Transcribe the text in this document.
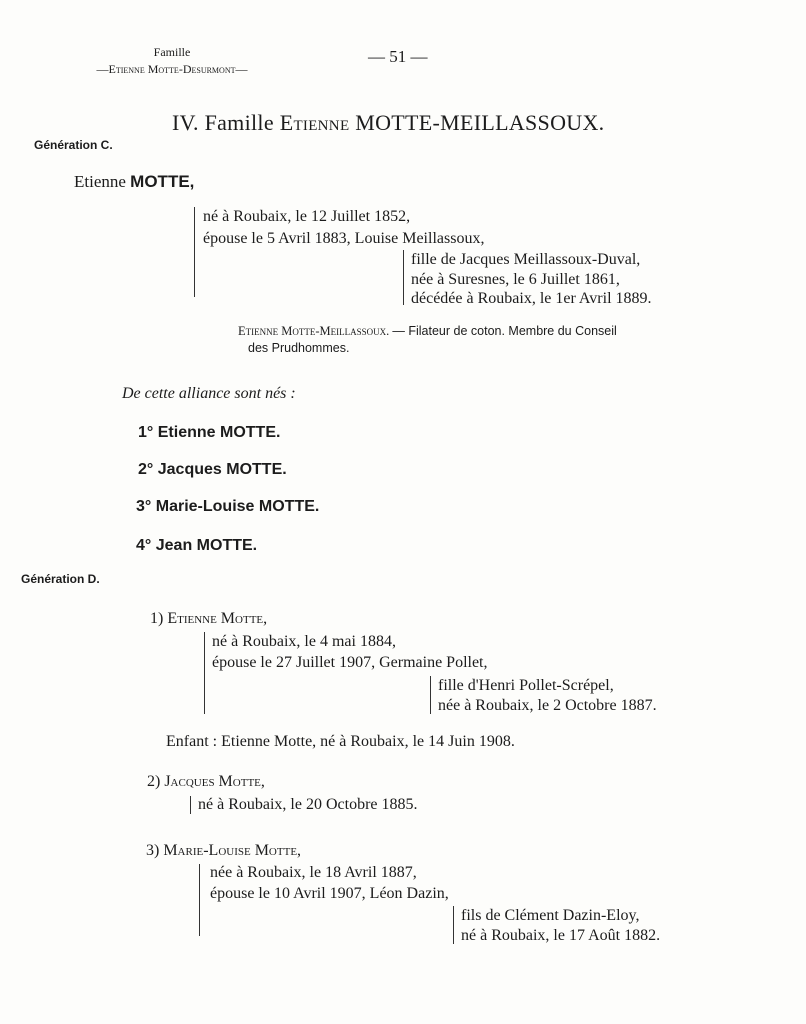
Famille
—Etienne Motte-Desurmont—
— 51 —
IV. Famille Etienne MOTTE-MEILLASSOUX.
Génération C.
Etienne MOTTE,
né à Roubaix, le 12 Juillet 1852,
épouse le 5 Avril 1883, Louise Meillassoux,
fille de Jacques Meillassoux-Duval,
née à Suresnes, le 6 Juillet 1861,
décédée à Roubaix, le 1er Avril 1889.
Etienne Motte-Meillassoux. — Filateur de coton. Membre du Conseil
des Prudhommes.
De cette alliance sont nés :
1° Etienne MOTTE.
2° Jacques MOTTE.
3° Marie-Louise MOTTE.
4° Jean MOTTE.
Génération D.
1) Etienne Motte,
né à Roubaix, le 4 mai 1884,
épouse le 27 Juillet 1907, Germaine Pollet,
fille d'Henri Pollet-Scrépel,
née à Roubaix, le 2 Octobre 1887.
Enfant : Etienne Motte, né à Roubaix, le 14 Juin 1908.
2) Jacques Motte,
né à Roubaix, le 20 Octobre 1885.
3) Marie-Louise Motte,
née à Roubaix, le 18 Avril 1887,
épouse le 10 Avril 1907, Léon Dazin,
fils de Clément Dazin-Eloy,
né à Roubaix, le 17 Août 1882.
